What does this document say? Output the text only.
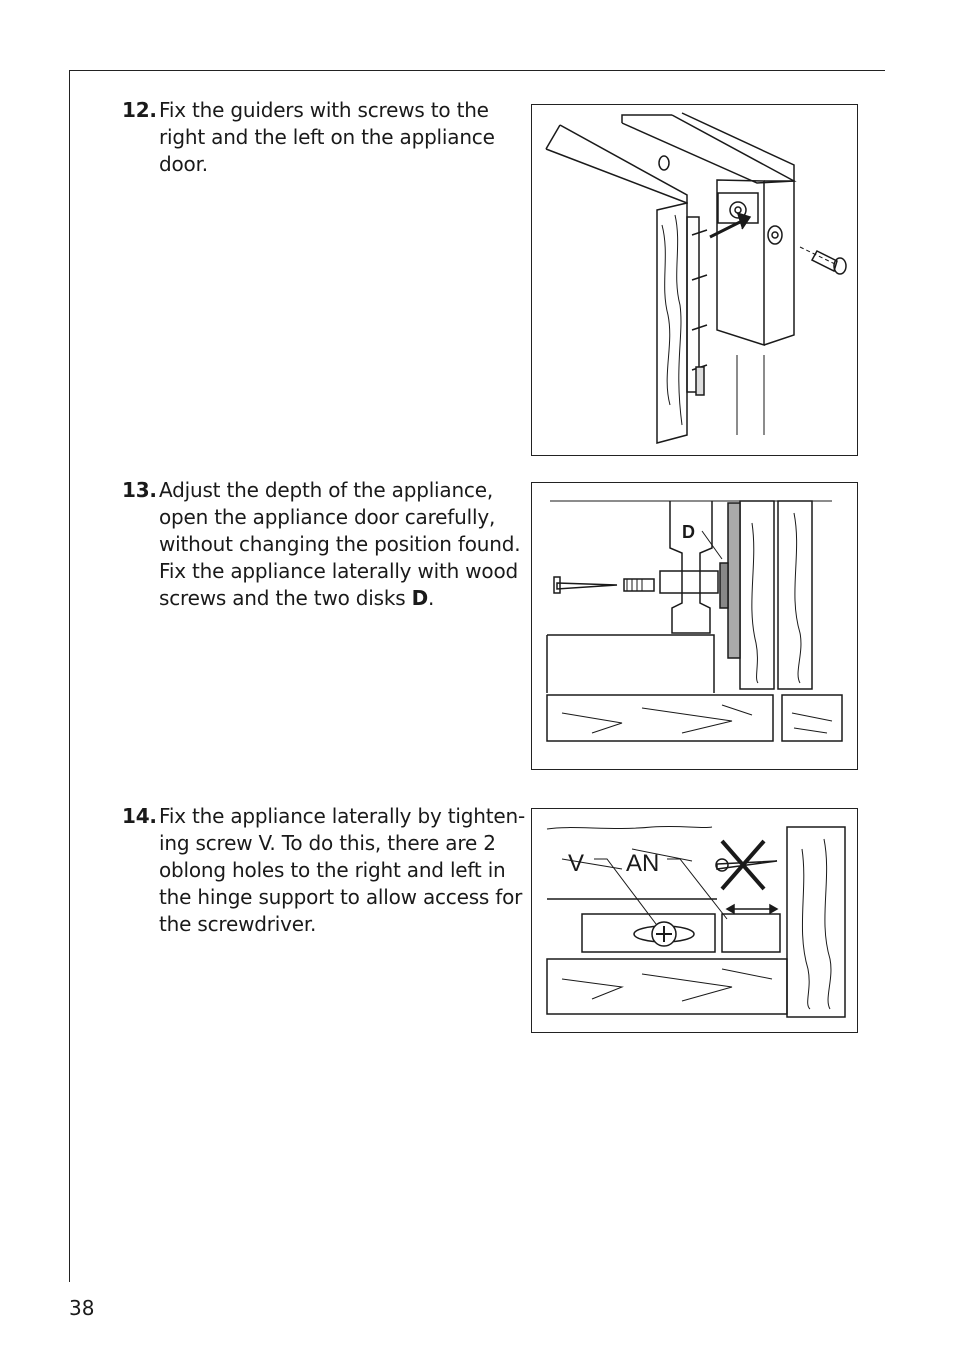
12. Fix the guiders with screws to the right and the left on the appliance door.
13. Adjust the depth of the appliance, open the appliance door carefully, without changing the position found. Fix the appliance laterally with wood screws and the two disks D.
D
14. Fix the appliance laterally by tighten-ing screw V. To do this, there are 2 oblong holes to the right and left in the hinge support to allow access for the screwdriver.
V AN
38
